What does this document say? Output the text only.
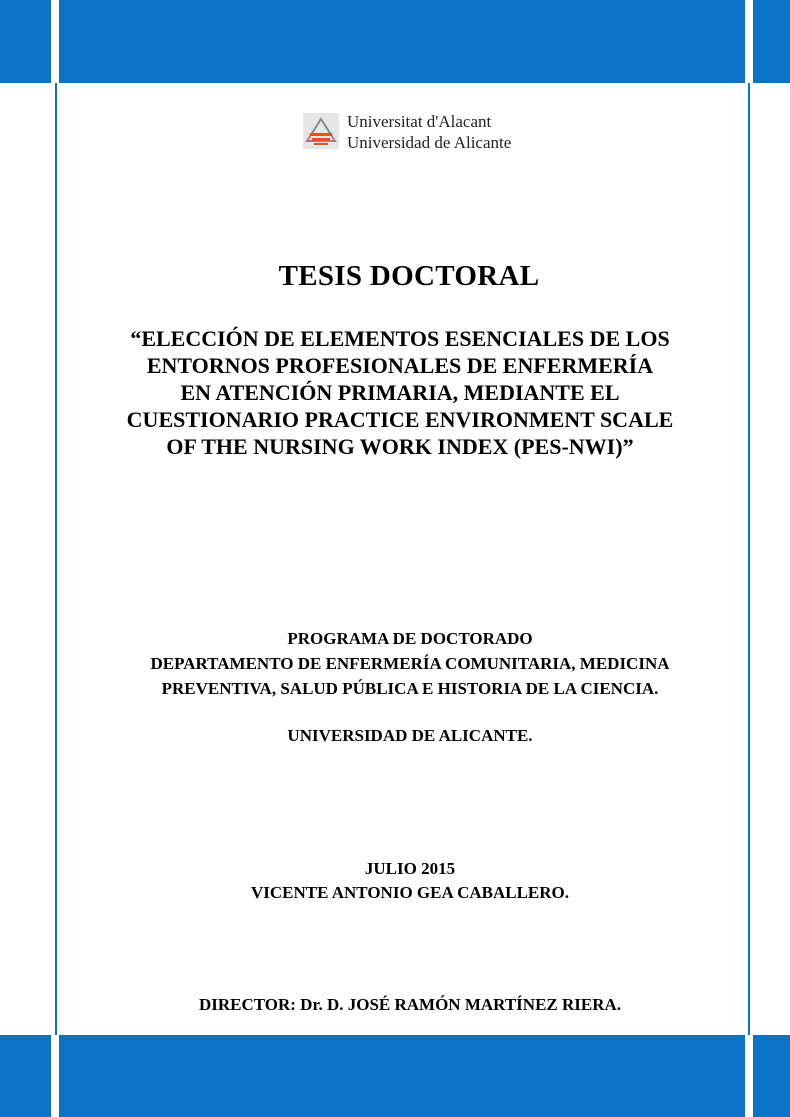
Universitat d'Alacant
Universidad de Alicante
TESIS DOCTORAL
“ELECCIÓN DE ELEMENTOS ESENCIALES DE LOS
ENTORNOS PROFESIONALES DE ENFERMERÍA
EN ATENCIÓN PRIMARIA, MEDIANTE EL
CUESTIONARIO PRACTICE ENVIRONMENT SCALE
OF THE NURSING WORK INDEX (PES-NWI)”
PROGRAMA DE DOCTORADO
DEPARTAMENTO DE ENFERMERÍA COMUNITARIA, MEDICINA
PREVENTIVA, SALUD PÚBLICA E HISTORIA DE LA CIENCIA.
UNIVERSIDAD DE ALICANTE.
JULIO 2015
VICENTE ANTONIO GEA CABALLERO.
DIRECTOR: Dr. D. JOSÉ RAMÓN MARTÍNEZ RIERA.
